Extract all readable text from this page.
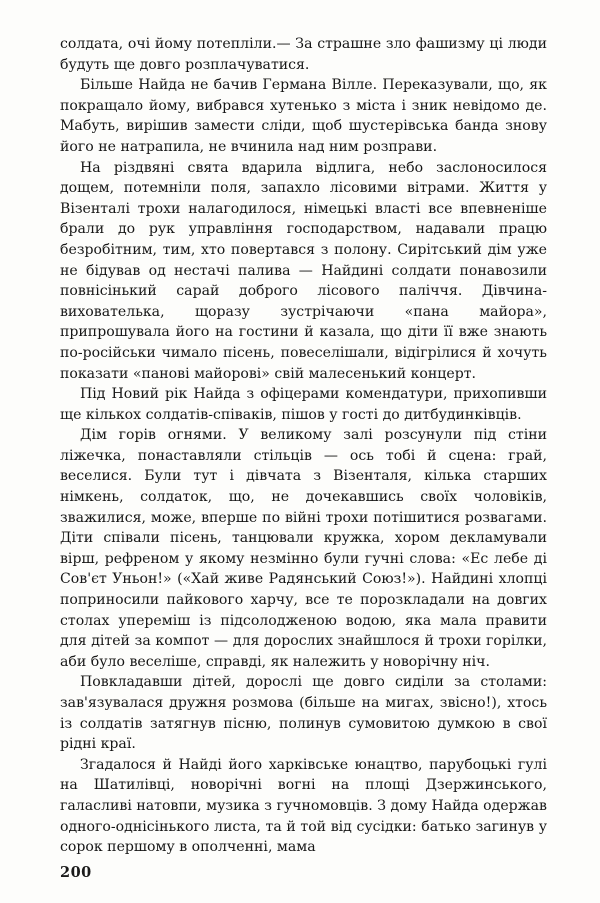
солдата, очі йому потепліли.— За страшне зло фашизму ці люди будуть ще довго розплачуватися.

Більше Найда не бачив Германа Вілле. Переказували, що, як покращало йому, вибрався хутенько з міста і зник невідомо де. Мабуть, вирішив замести сліди, щоб шустерівська банда знову його не натрапила, не вчинила над ним розправи.

На різдвяні свята вдарила відлига, небо заслоносилося дощем, потемніли поля, запахло лісовими вітрами. Життя у Візенталі трохи налагодилося, німецькі власті все впевненіше брали до рук управління господарством, надавали працю безробітним, тим, хто повертався з полону. Сирітський дім уже не бідував од нестачі палива — Найдині солдати понавозили повнісінький сарай доброго лісового паліччя. Дівчина-вихователька, щоразу зустрічаючи «пана майора», припрошувала його на гостини й казала, що діти її вже знають по-російськи чимало пісень, повеселішали, відігрілися й хочуть показати «панові майорові» свій малесенький концерт.

Під Новий рік Найда з офіцерами комендатури, прихопивши ще кількох солдатів-співаків, пішов у гості до дитбудинківців.

Дім горів огнями. У великому залі розсунули під стіни ліжечка, понаставляли стільців — ось тобі й сцена: грай, веселися. Були тут і дівчата з Візенталя, кілька старших німкень, солдаток, що, не дочекавшись своїх чоловіків, зважилися, може, вперше по війні трохи потішитися розвагами. Діти співали пісень, танцювали кружка, хором декламували вірш, рефреном у якому незмінно були гучні слова: «Ес лебе ді Сов'єт Уньон!» («Хай живе Радянський Союз!»). Найдині хлопці поприносили пайкового харчу, все те порозкладали на довгих столах упереміш із підсолодженою водою, яка мала правити для дітей за компот — для дорослих знайшлося й трохи горілки, аби було веселіше, справді, як належить у новорічну ніч.

Повкладавши дітей, дорослі ще довго сиділи за столами: зав'язувалася дружня розмова (більше на мигах, звісно!), хтось із солдатів затягнув пісню, полинув сумовитою думкою в свої рідні краї.

Згадалося й Найді його харківське юнацтво, парубоцькі гулі на Шатилівці, новорічні вогні на площі Дзержинського, галасливі натовпи, музика з гучномовців. З дому Найда одержав одного-однісінького листа, та й той від сусідки: батько загинув у сорок першому в ополченні, мама

200
